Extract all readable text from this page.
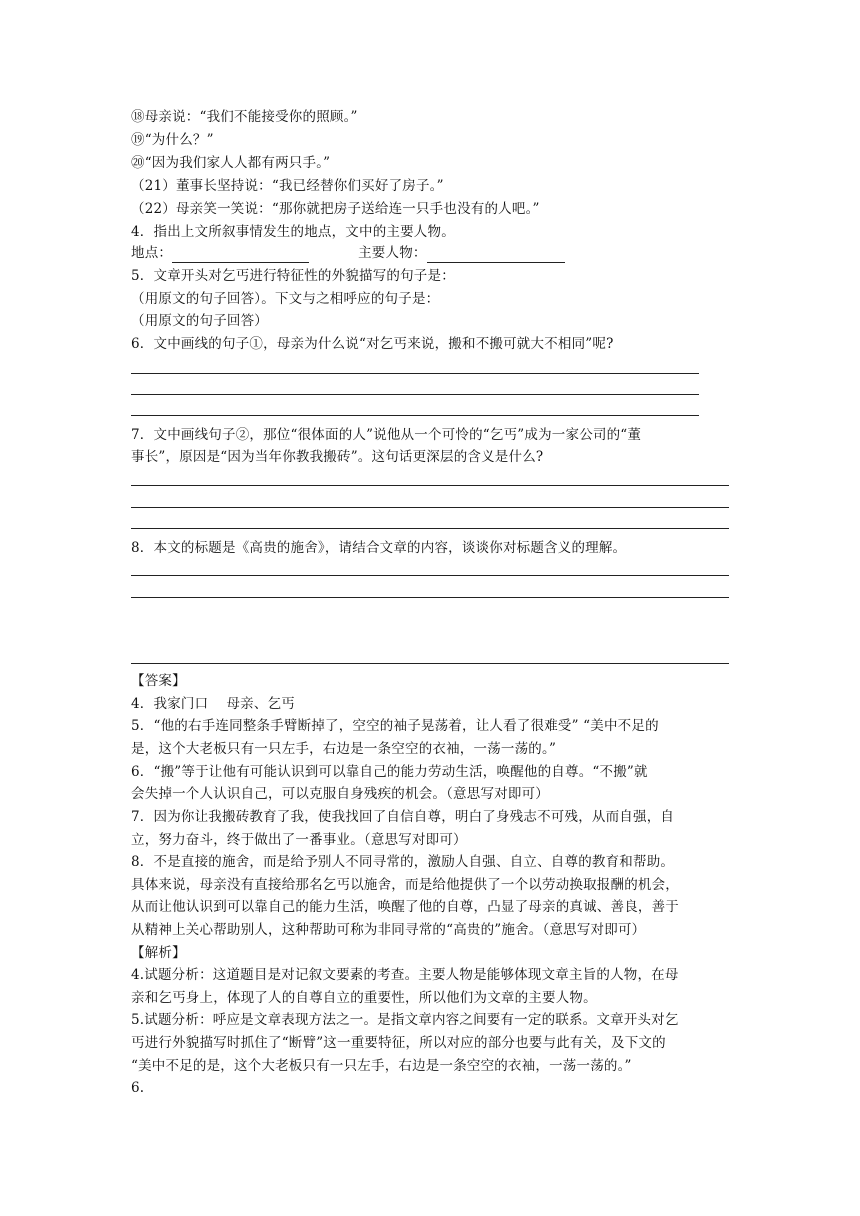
⑱母亲说：“我们不能接受你的照顾。”
⑲“为什么？”
⑳“因为我们家人人都有两只手。”
（21）董事长坚持说：“我已经替你们买好了房子。”
（22）母亲笑一笑说：“那你就把房子送给连一只手也没有的人吧。”
4．指出上文所叙事情发生的地点，文中的主要人物。
地点：	主要人物：
5．文章开头对乞丐进行特征性的外貌描写的句子是：
（用原文的句子回答）。下文与之相呼应的句子是：
（用原文的句子回答）
6．文中画线的句子①，母亲为什么说“对乞丐来说，搬和不搬可就大不相同”呢?
7．文中画线句子②，那位“很体面的人”说他从一个可怜的“乞丐”成为一家公司的“董
事长”，原因是“因为当年你教我搬砖”。这句话更深层的含义是什么?
8．本文的标题是《高贵的施舍》，请结合文章的内容，谈谈你对标题含义的理解。
【答案】
4．我家门口　 母亲、乞丐
5．“他的右手连同整条手臂断掉了，空空的袖子晃荡着，让人看了很难受” “美中不足的
是，这个大老板只有一只左手，右边是一条空空的衣袖，一荡一荡的。”
6．“搬”等于让他有可能认识到可以靠自己的能力劳动生活，唤醒他的自尊。“不搬”就
会失掉一个人认识自己，可以克服自身残疾的机会。（意思写对即可）
7．因为你让我搬砖教育了我，使我找回了自信自尊，明白了身残志不可残，从而自强，自
立，努力奋斗，终于做出了一番事业。（意思写对即可）
8．不是直接的施舍，而是给予别人不同寻常的，激励人自强、自立、自尊的教育和帮助。
具体来说，母亲没有直接给那名乞丐以施舍，而是给他提供了一个以劳动换取报酬的机会，
从而让他认识到可以靠自己的能力生活，唤醒了他的自尊，凸显了母亲的真诚、善良，善于
从精神上关心帮助别人，这种帮助可称为非同寻常的“高贵的”施舍。（意思写对即可）
【解析】
4.试题分析：这道题目是对记叙文要素的考查。主要人物是能够体现文章主旨的人物，在母
亲和乞丐身上，体现了人的自尊自立的重要性，所以他们为文章的主要人物。
5.试题分析：呼应是文章表现方法之一。是指文章内容之间要有一定的联系。文章开头对乞
丐进行外貌描写时抓住了“断臂”这一重要特征，所以对应的部分也要与此有关，及下文的
“美中不足的是，这个大老板只有一只左手，右边是一条空空的衣袖，一荡一荡的。”
6.
